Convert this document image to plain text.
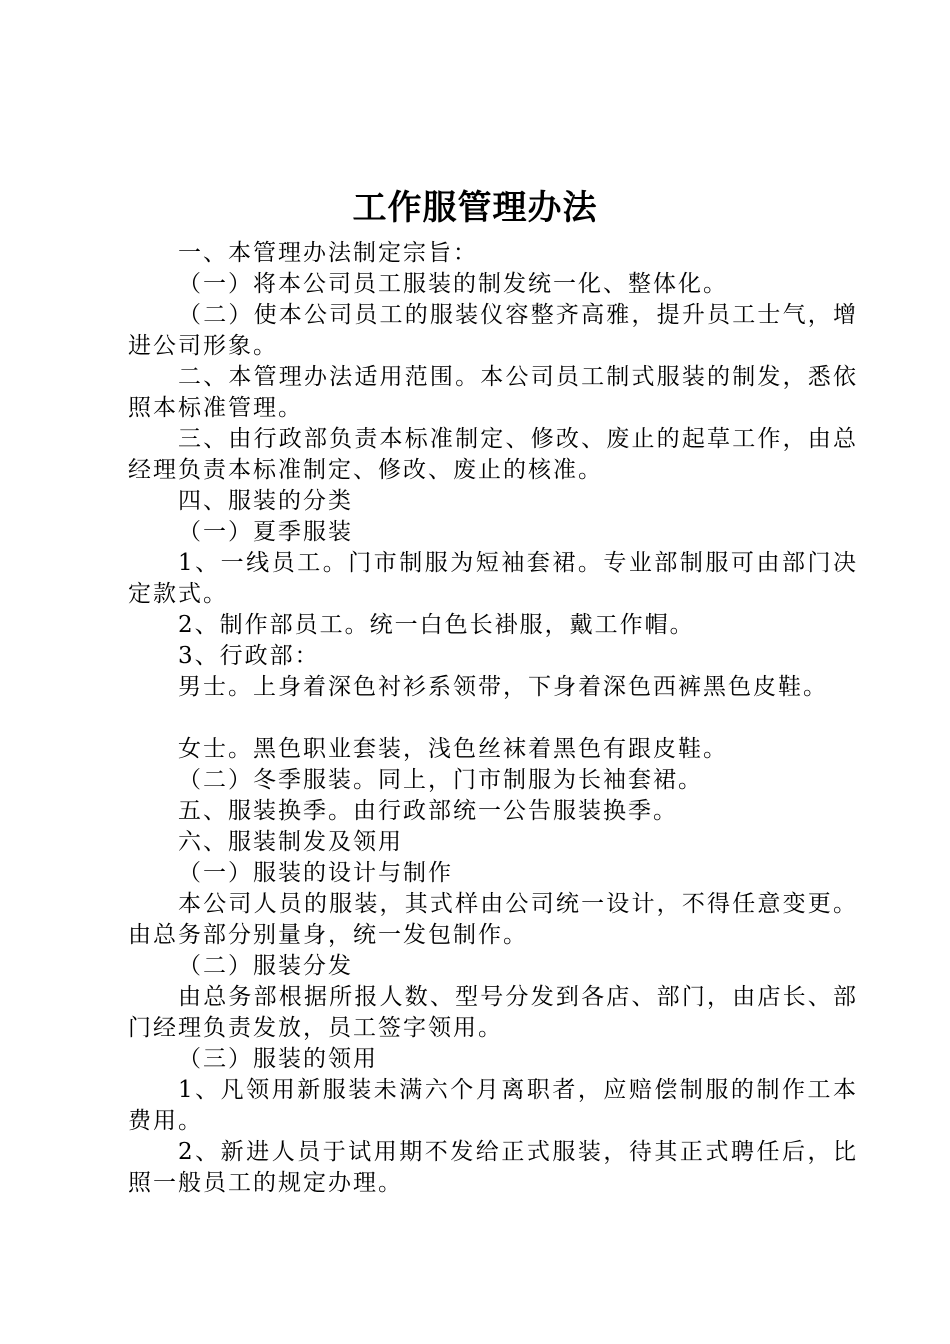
工作服管理办法

一、本管理办法制定宗旨：

（一）将本公司员工服装的制发统一化、整体化。

（二）使本公司员工的服装仪容整齐高雅，提升员工士气，增进公司形象。

二、本管理办法适用范围。本公司员工制式服装的制发，悉依照本标准管理。

三、由行政部负责本标准制定、修改、废止的起草工作，由总经理负责本标准制定、修改、废止的核准。

四、服装的分类

（一）夏季服装

1、一线员工。门市制服为短袖套裙。专业部制服可由部门决定款式。

2、制作部员工。统一白色长褂服，戴工作帽。

3、行政部：

男士。上身着深色衬衫系领带，下身着深色西裤黑色皮鞋。

女士。黑色职业套装，浅色丝袜着黑色有跟皮鞋。

（二）冬季服装。同上，门市制服为长袖套裙。

五、服装换季。由行政部统一公告服装换季。

六、服装制发及领用

（一）服装的设计与制作

本公司人员的服装，其式样由公司统一设计，不得任意变更。由总务部分别量身，统一发包制作。

（二）服装分发

由总务部根据所报人数、型号分发到各店、部门，由店长、部门经理负责发放，员工签字领用。

（三）服装的领用

1、凡领用新服装未满六个月离职者，应赔偿制服的制作工本费用。

2、新进人员于试用期不发给正式服装，待其正式聘任后，比照一般员工的规定办理。
